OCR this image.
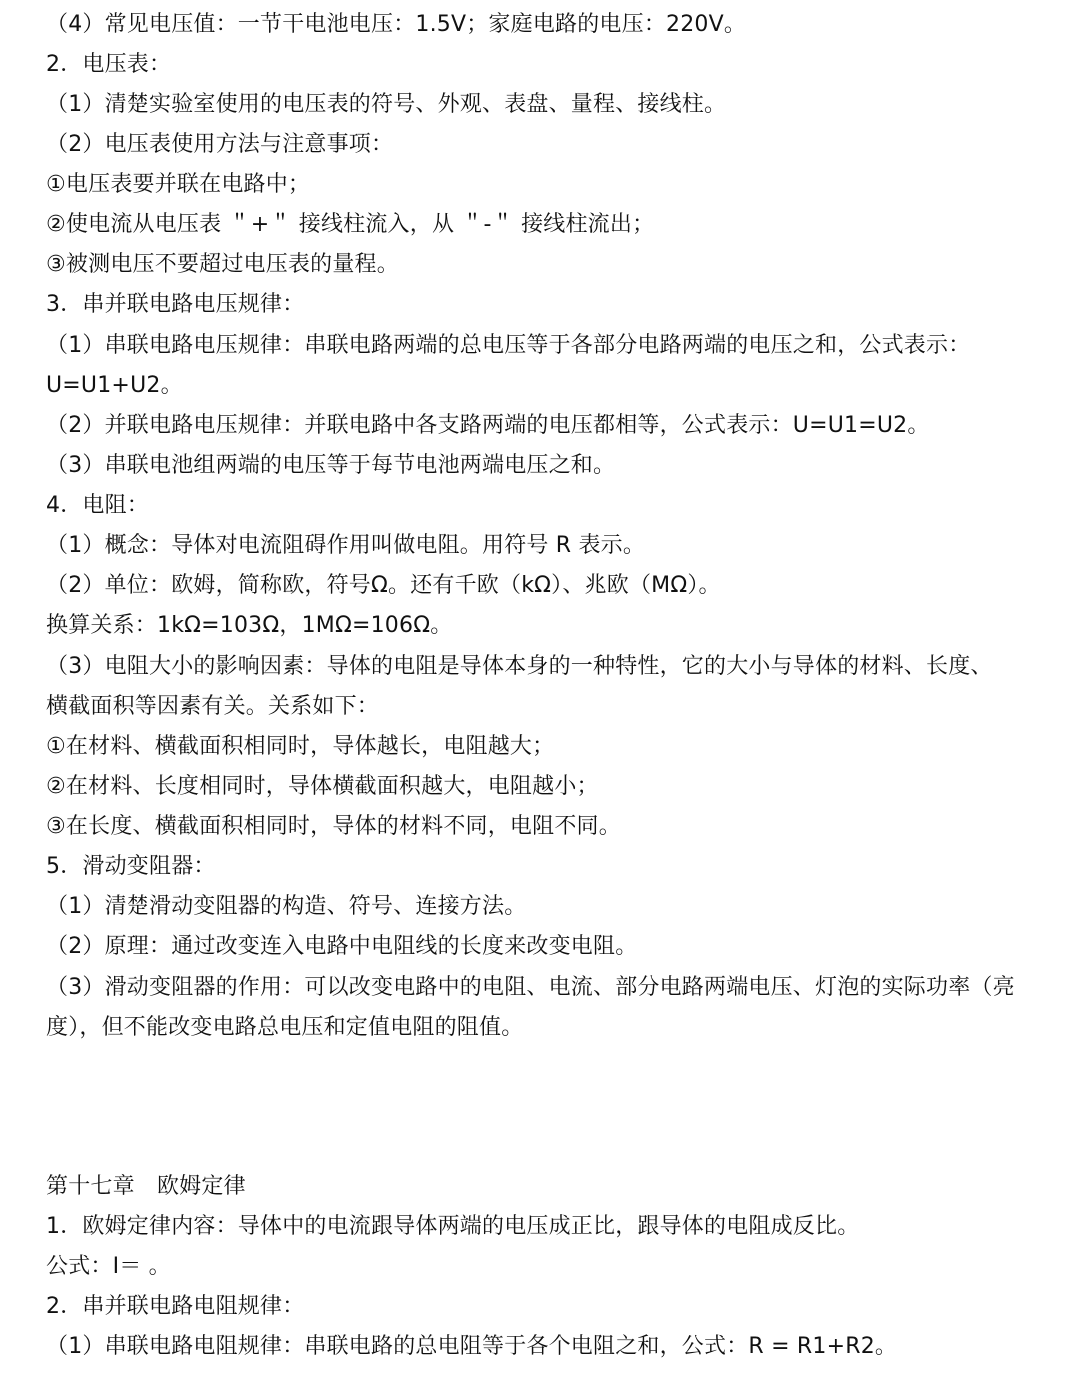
（4）常见电压值：一节干电池电压：1.5V；家庭电路的电压：220V。
2．电压表：
（1）清楚实验室使用的电压表的符号、外观、表盘、量程、接线柱。
（2）电压表使用方法与注意事项：
①电压表要并联在电路中；
②使电流从电压表 ＂+＂ 接线柱流入，从 ＂-＂ 接线柱流出；
③被测电压不要超过电压表的量程。
3．串并联电路电压规律：
（1）串联电路电压规律：串联电路两端的总电压等于各部分电路两端的电压之和，公式表示：
U=U1+U2。
（2）并联电路电压规律：并联电路中各支路两端的电压都相等，公式表示：U=U1=U2。
（3）串联电池组两端的电压等于每节电池两端电压之和。
4．电阻：
（1）概念：导体对电流阻碍作用叫做电阻。用符号 R 表示。
（2）单位：欧姆，简称欧，符号Ω。还有千欧（kΩ）、兆欧（MΩ）。
换算关系：1kΩ=103Ω，1MΩ=106Ω。
（3）电阻大小的影响因素：导体的电阻是导体本身的一种特性，它的大小与导体的材料、长度、
横截面积等因素有关。关系如下：
①在材料、横截面积相同时，导体越长，电阻越大；
②在材料、长度相同时，导体横截面积越大，电阻越小；
③在长度、横截面积相同时，导体的材料不同，电阻不同。
5．滑动变阻器：
（1）清楚滑动变阻器的构造、符号、连接方法。
（2）原理：通过改变连入电路中电阻线的长度来改变电阻。
（3）滑动变阻器的作用：可以改变电路中的电阻、电流、部分电路两端电压、灯泡的实际功率（亮
度），但不能改变电路总电压和定值电阻的阻值。
第十七章　欧姆定律
1．欧姆定律内容：导体中的电流跟导体两端的电压成正比，跟导体的电阻成反比。
公式：I＝ 。
2．串并联电路电阻规律：
（1）串联电路电阻规律：串联电路的总电阻等于各个电阻之和，公式：R = R1+R2。
